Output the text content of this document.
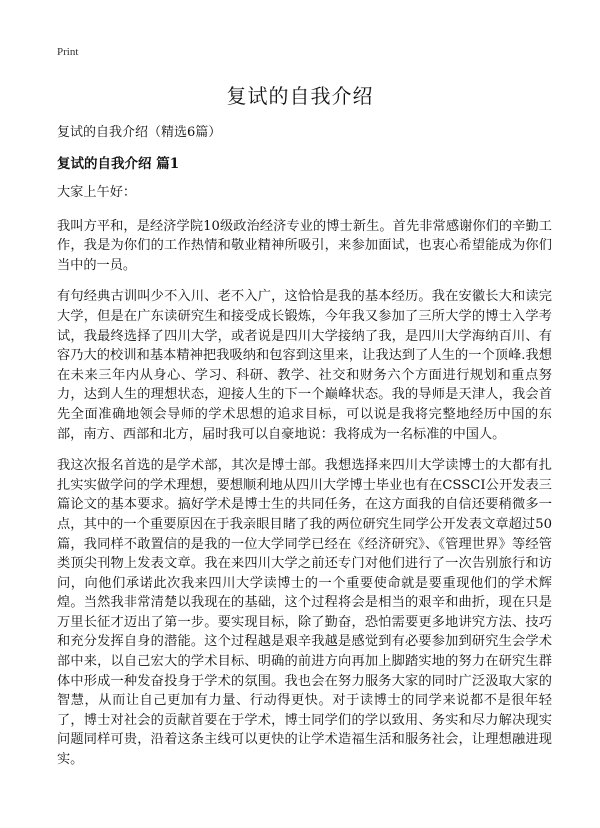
Print
复试的自我介绍

复试的自我介绍（精选6篇）

复试的自我介绍 篇1

大家上午好：

我叫方平和，是经济学院10级政治经济专业的博士新生。首先非常感谢你们的辛勤工作，我是为你们的工作热情和敬业精神所吸引，来参加面试，也衷心希望能成为你们当中的一员。

有句经典古训叫少不入川、老不入广，这恰恰是我的基本经历。我在安徽长大和读完大学，但是在广东读研究生和接受成长锻炼，今年我又参加了三所大学的博士入学考试，我最终选择了四川大学，或者说是四川大学接纳了我，是四川大学海纳百川、有容乃大的校训和基本精神把我吸纳和包容到这里来，让我达到了人生的一个顶峰.我想在未来三年内从身心、学习、科研、教学、社交和财务六个方面进行规划和重点努力，达到人生的理想状态，迎接人生的下一个巅峰状态。我的导师是天津人，我会首先全面准确地领会导师的学术思想的追求目标，可以说是我将完整地经历中国的东部，南方、西部和北方，届时我可以自豪地说：我将成为一名标准的中国人。

我这次报名首选的是学术部，其次是博士部。我想选择来四川大学读博士的大都有扎扎实实做学问的学术理想，要想顺利地从四川大学博士毕业也有在CSSCI公开发表三篇论文的基本要求。搞好学术是博士生的共同任务，在这方面我的自信还要稍微多一点，其中的一个重要原因在于我亲眼目睹了我的两位研究生同学公开发表文章超过50篇，我同样不敢置信的是我的一位大学同学已经在《经济研究》、《管理世界》等经管类顶尖刊物上发表文章。我在来四川大学之前还专门对他们进行了一次告别旅行和访问，向他们承诺此次我来四川大学读博士的一个重要使命就是要重现他们的学术辉煌。当然我非常清楚以我现在的基础，这个过程将会是相当的艰辛和曲折，现在只是万里长征才迈出了第一步。要实现目标，除了勤奋，恐怕需要更多地讲究方法、技巧和充分发挥自身的潜能。这个过程越是艰辛我越是感觉到有必要参加到研究生会学术部中来，以自己宏大的学术目标、明确的前进方向再加上脚踏实地的努力在研究生群体中形成一种发奋投身于学术的氛围。我也会在努力服务大家的同时广泛汲取大家的智慧，从而让自己更加有力量、行动得更快。对于读博士的同学来说都不是很年轻了，博士对社会的贡献首要在于学术，博士同学们的学以致用、务实和尽力解决现实问题同样可贵，沿着这条主线可以更快的让学术造福生活和服务社会，让理想融进现实。
